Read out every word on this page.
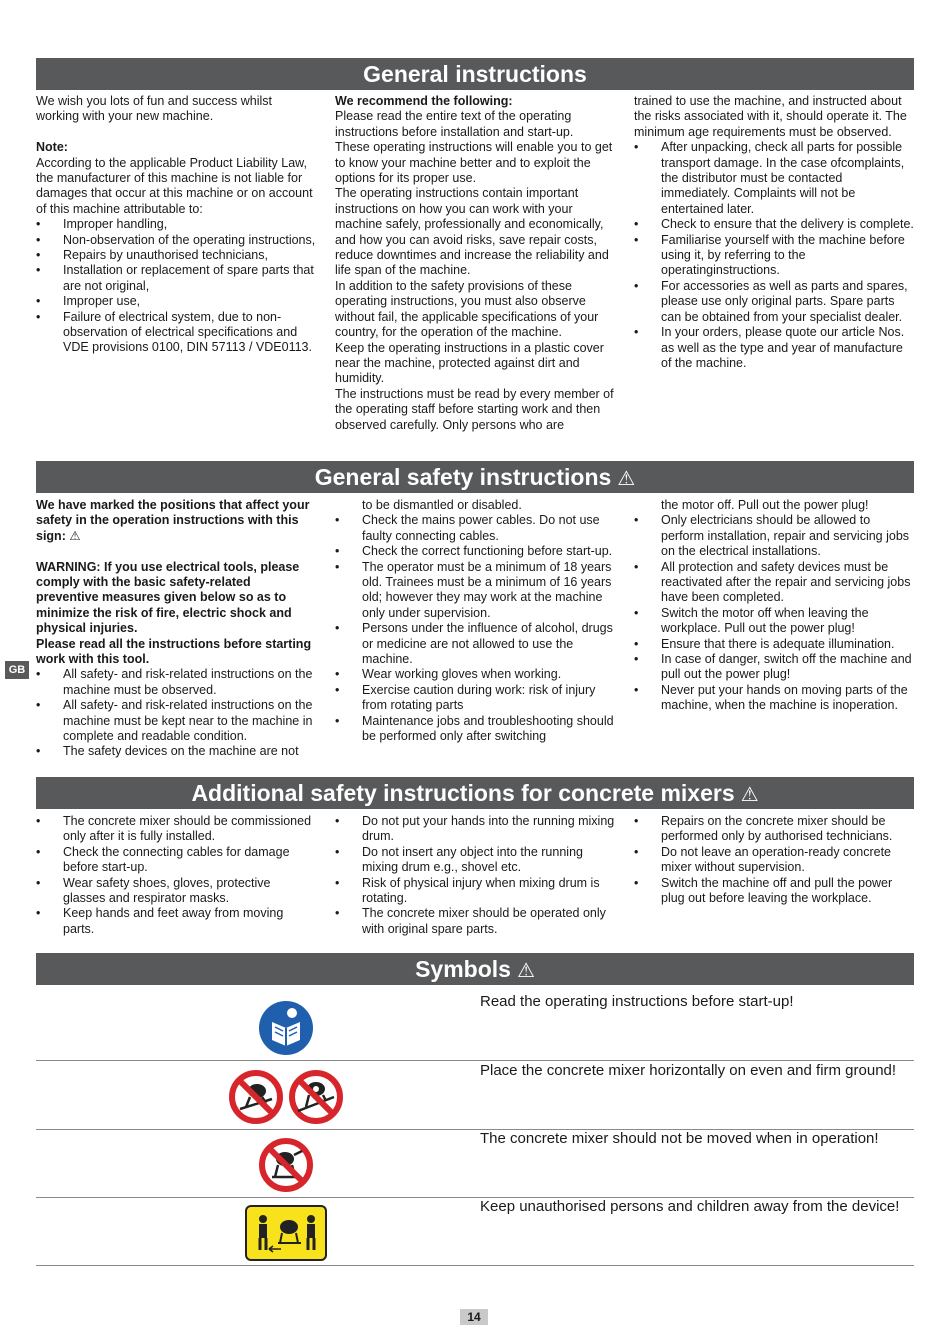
General instructions

We wish you lots of fun and success whilst working with your new machine.

Note:

According to the applicable Product Liability Law, the manufacturer of this machine is not liable for damages that occur at this machine or on account of this machine attributable to:

• Improper handling,
• Non-observation of the operating instructions,
• Repairs by unauthorised technicians,
• Installation or replacement of spare parts that are not original,
• Improper use,
• Failure of electrical system, due to non-observation of electrical specifications and VDE provisions 0100, DIN 57113 / VDE0113.

We recommend the following:

Please read the entire text of the operating instructions before installation and start-up.

These operating instructions will enable you to get to know your machine better and to exploit the options for its proper use.

The operating instructions contain important instructions on how you can work with your machine safely, professionally and economically, and how you can avoid risks, save repair costs, reduce downtimes and increase the reliability and life span of the machine.

In addition to the safety provisions of these operating instructions, you must also observe without fail, the applicable specifications of your country, for the operation of the machine.

Keep the operating instructions in a plastic cover near the machine, protected against dirt and humidity.

The instructions must be read by every member of the operating staff before starting work and then observed carefully. Only persons who are

trained to use the machine, and instructed about the risks associated with it, should operate it. The minimum age requirements must be observed.

• After unpacking, check all parts for possible transport damage. In the case ofcomplaints, the distributor must be contacted immediately. Complaints will not be entertained later.
• Check to ensure that the delivery is complete.
• Familiarise yourself with the machine before using it, by referring to the operatinginstructions.
• For accessories as well as parts and spares, please use only original parts. Spare parts can be obtained from your specialist dealer.
• In your orders, please quote our article Nos. as well as the type and year of manufacture of the machine.
General safety instructions ⚠
GB

We have marked the positions that affect your safety in the operation instructions with this sign: ⚠

WARNING: If you use electrical tools, please comply with the basic safety-related preventive measures given below so as to minimize the risk of fire, electric shock and physical injuries.

Please read all the instructions before starting work with this tool.

• All safety- and risk-related instructions on the machine must be observed.
• All safety- and risk-related instructions on the machine must be kept near to the machine in complete and readable condition.
• The safety devices on the machine are not
to be dismantled or disabled.
• Check the mains power cables. Do not use faulty connecting cables.
• Check the correct functioning before start-up.
• The operator must be a minimum of 18 years old. Trainees must be a minimum of 16 years old; however they may work at the machine only under supervision.
• Persons under the influence of alcohol, drugs or medicine are not allowed to use the machine.
• Wear working gloves when working.
• Exercise caution during work: risk of injury from rotating parts
• Maintenance jobs and troubleshooting should be performed only after switching
the motor off. Pull out the power plug!
• Only electricians should be allowed to perform installation, repair and servicing jobs on the electrical installations.
• All protection and safety devices must be reactivated after the repair and servicing jobs have been completed.
• Switch the motor off when leaving the workplace. Pull out the power plug!
• Ensure that there is adequate illumination.
• In case of danger, switch off the machine and pull out the power plug!
• Never put your hands on moving parts of the machine, when the machine is inoperation.
Additional safety instructions for concrete mixers ⚠
• The concrete mixer should be commissioned only after it is fully installed.
• Check the connecting cables for damage before start-up.
• Wear safety shoes, gloves, protective glasses and respirator masks.
• Keep hands and feet away from moving parts.
• Do not put your hands into the running mixing drum.
• Do not insert any object into the running mixing drum e.g., shovel etc.
• Risk of physical injury when mixing drum is rotating.
• The concrete mixer should be operated only with original spare parts.
• Repairs on the concrete mixer should be performed only by authorised technicians.
• Do not leave an operation-ready concrete mixer without supervision.
• Switch the machine off and pull the power plug out before leaving the workplace.
Symbols ⚠
Read the operating instructions before start-up!

Place the concrete mixer horizontally on even and firm ground!
The concrete mixer should not be moved when in operation!
Keep unauthorised persons and children away from the device!
14
